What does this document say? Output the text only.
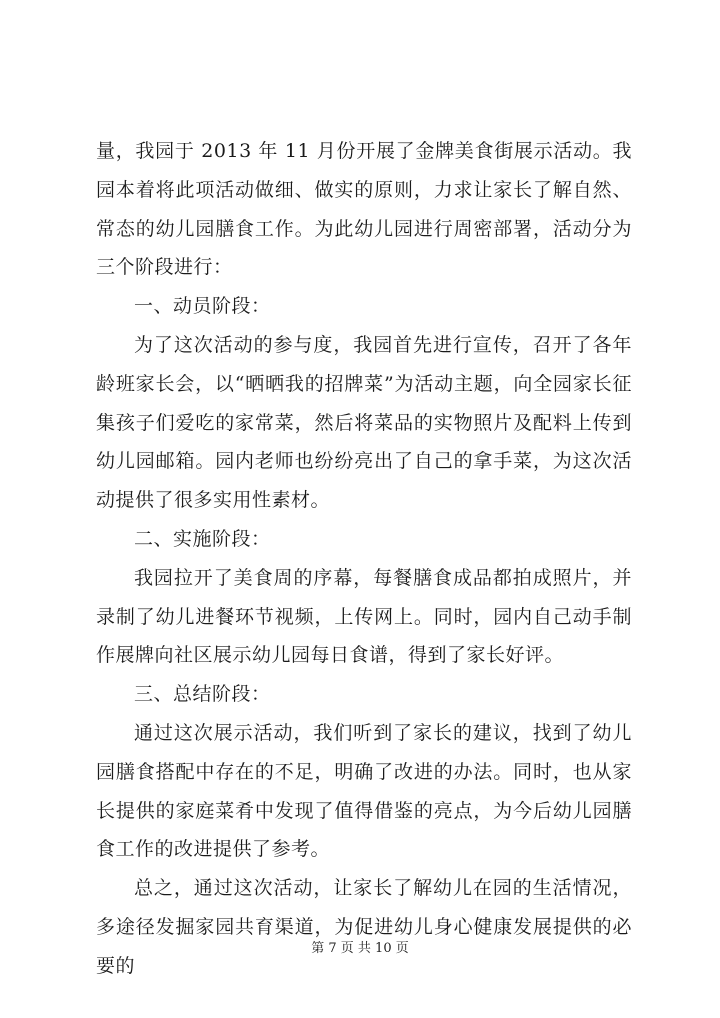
量，我园于 2013 年 11 月份开展了金牌美食街展示活动。我园本着将此项活动做细、做实的原则，力求让家长了解自然、常态的幼儿园膳食工作。为此幼儿园进行周密部署，活动分为三个阶段进行：

一、动员阶段：

为了这次活动的参与度，我园首先进行宣传，召开了各年龄班家长会，以“晒晒我的招牌菜”为活动主题，向全园家长征集孩子们爱吃的家常菜，然后将菜品的实物照片及配料上传到幼儿园邮箱。园内老师也纷纷亮出了自己的拿手菜，为这次活动提供了很多实用性素材。

二、实施阶段：

我园拉开了美食周的序幕，每餐膳食成品都拍成照片，并录制了幼儿进餐环节视频，上传网上。同时，园内自己动手制作展牌向社区展示幼儿园每日食谱，得到了家长好评。

三、总结阶段：

通过这次展示活动，我们听到了家长的建议，找到了幼儿园膳食搭配中存在的不足，明确了改进的办法。同时，也从家长提供的家庭菜肴中发现了值得借鉴的亮点，为今后幼儿园膳食工作的改进提供了参考。

总之，通过这次活动，让家长了解幼儿在园的生活情况，多途径发掘家园共育渠道，为促进幼儿身心健康发展提供的必要的

第 7 页 共 10 页
